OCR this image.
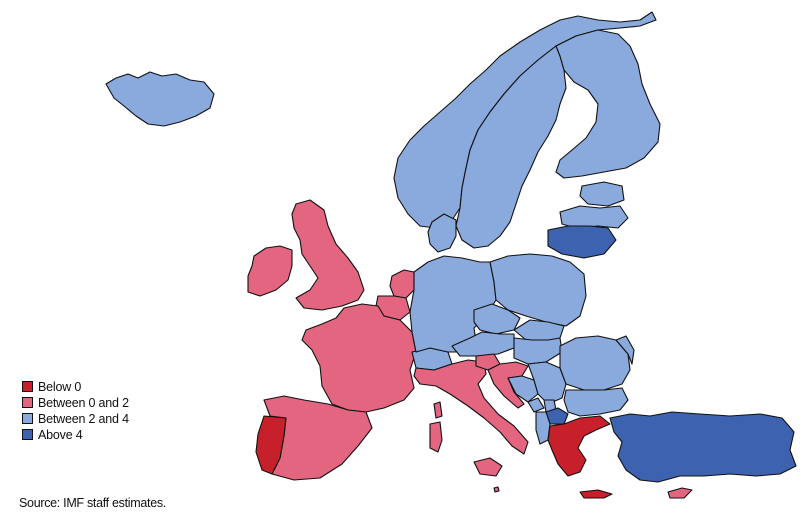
Below 0
Between 0 and 2
Between 2 and 4
Above 4
Source: IMF staff estimates.
